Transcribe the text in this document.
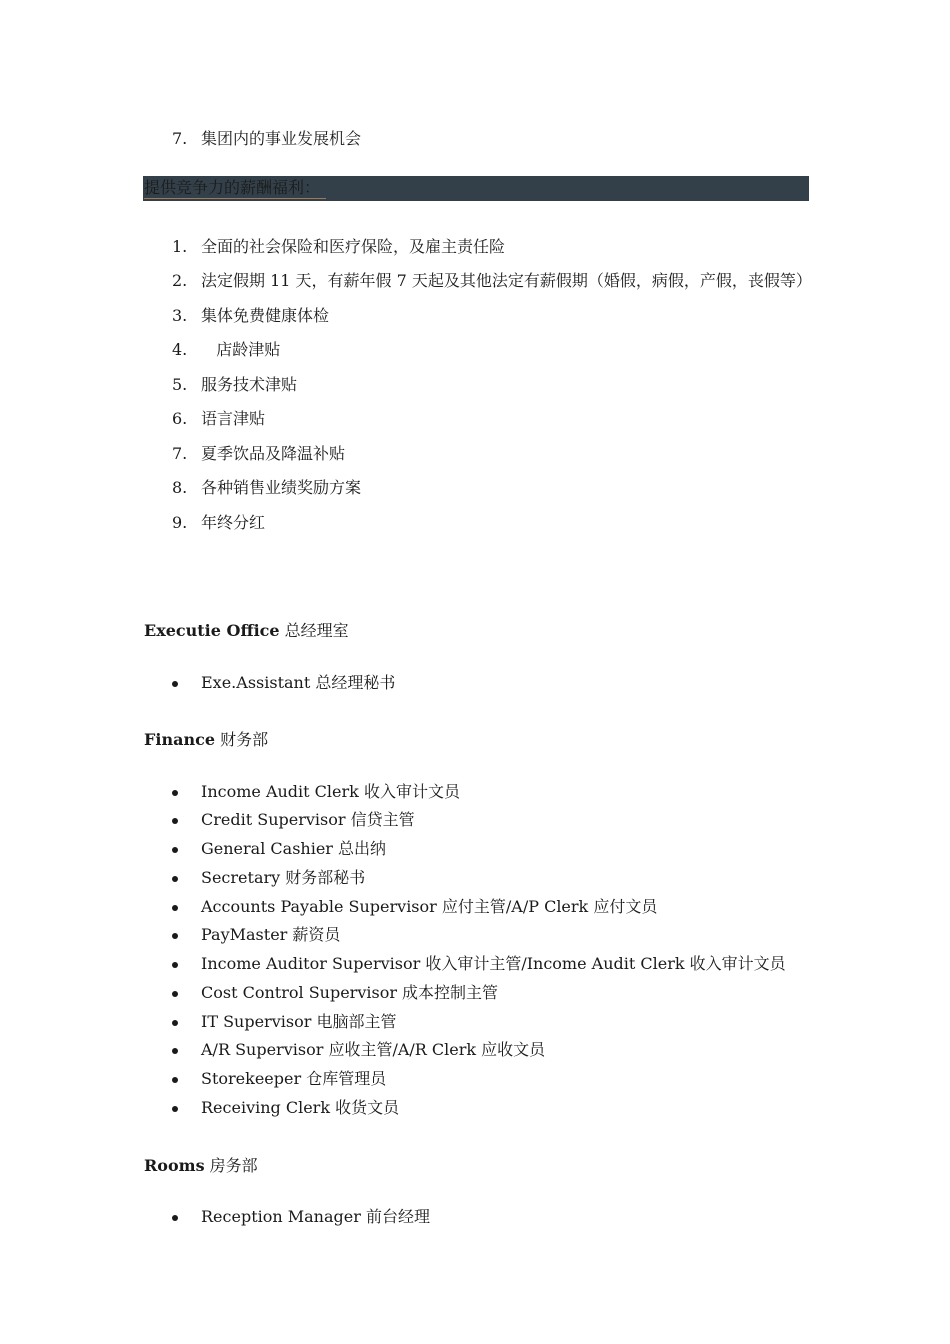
7. 集团内的事业发展机会
提供竞争力的薪酬福利：
1. 全面的社会保险和医疗保险，及雇主责任险
2. 法定假期 11 天，有薪年假 7 天起及其他法定有薪假期（婚假，病假，产假，丧假等）
3. 集体免费健康体检
4. 店龄津贴
5. 服务技术津贴
6. 语言津贴
7. 夏季饮品及降温补贴
8. 各种销售业绩奖励方案
9. 年终分红
Executie Office 总经理室
Exe.Assistant 总经理秘书
Finance 财务部
Income Audit Clerk 收入审计文员
Credit Supervisor 信贷主管
General Cashier 总出纳
Secretary 财务部秘书
Accounts Payable Supervisor 应付主管/A/P Clerk 应付文员
PayMaster 薪资员
Income Auditor Supervisor 收入审计主管/Income Audit Clerk 收入审计文员
Cost Control Supervisor 成本控制主管
IT Supervisor 电脑部主管
A/R Supervisor 应收主管/A/R Clerk 应收文员
Storekeeper 仓库管理员
Receiving Clerk 收货文员
Rooms 房务部
Reception Manager 前台经理
